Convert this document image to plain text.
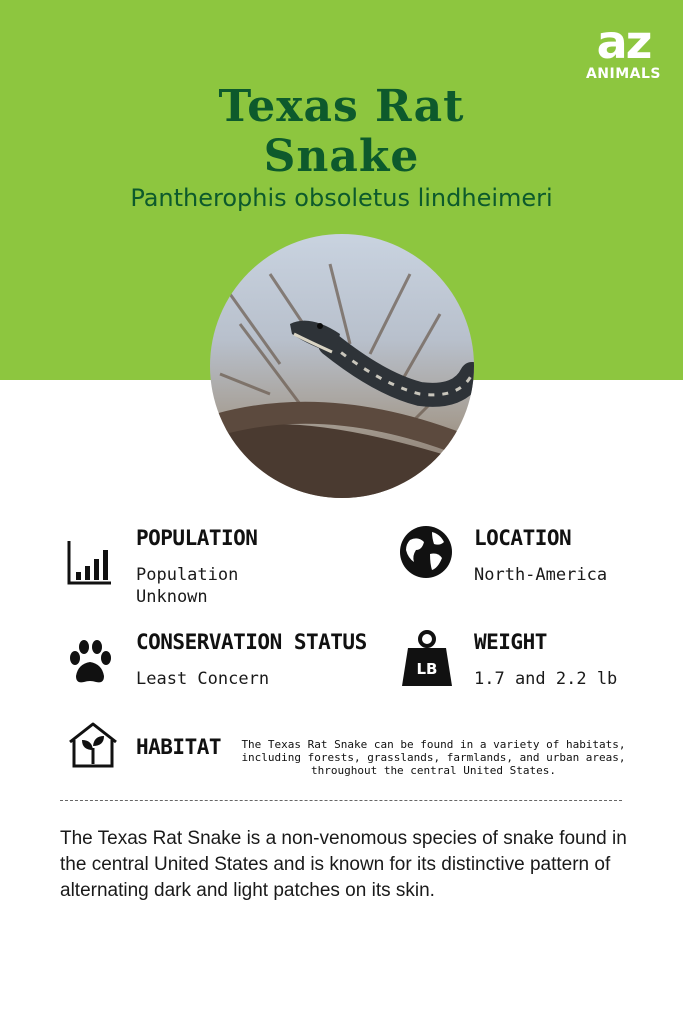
az
ANIMALS
Texas Rat
Snake
Pantherophis obsoletus lindheimeri
POPULATION
Population
Unknown
LOCATION
North-America
CONSERVATION STATUS
Least Concern	LB
WEIGHT
1.7 and 2.2 lb
HABITAT	The Texas Rat Snake can be found in a variety of habitats,
including forests, grasslands, farmlands, and urban areas,
throughout the central United States.
The Texas Rat Snake is a non-venomous species of snake found in the central United States and is known for its distinctive pattern of alternating dark and light patches on its skin.
